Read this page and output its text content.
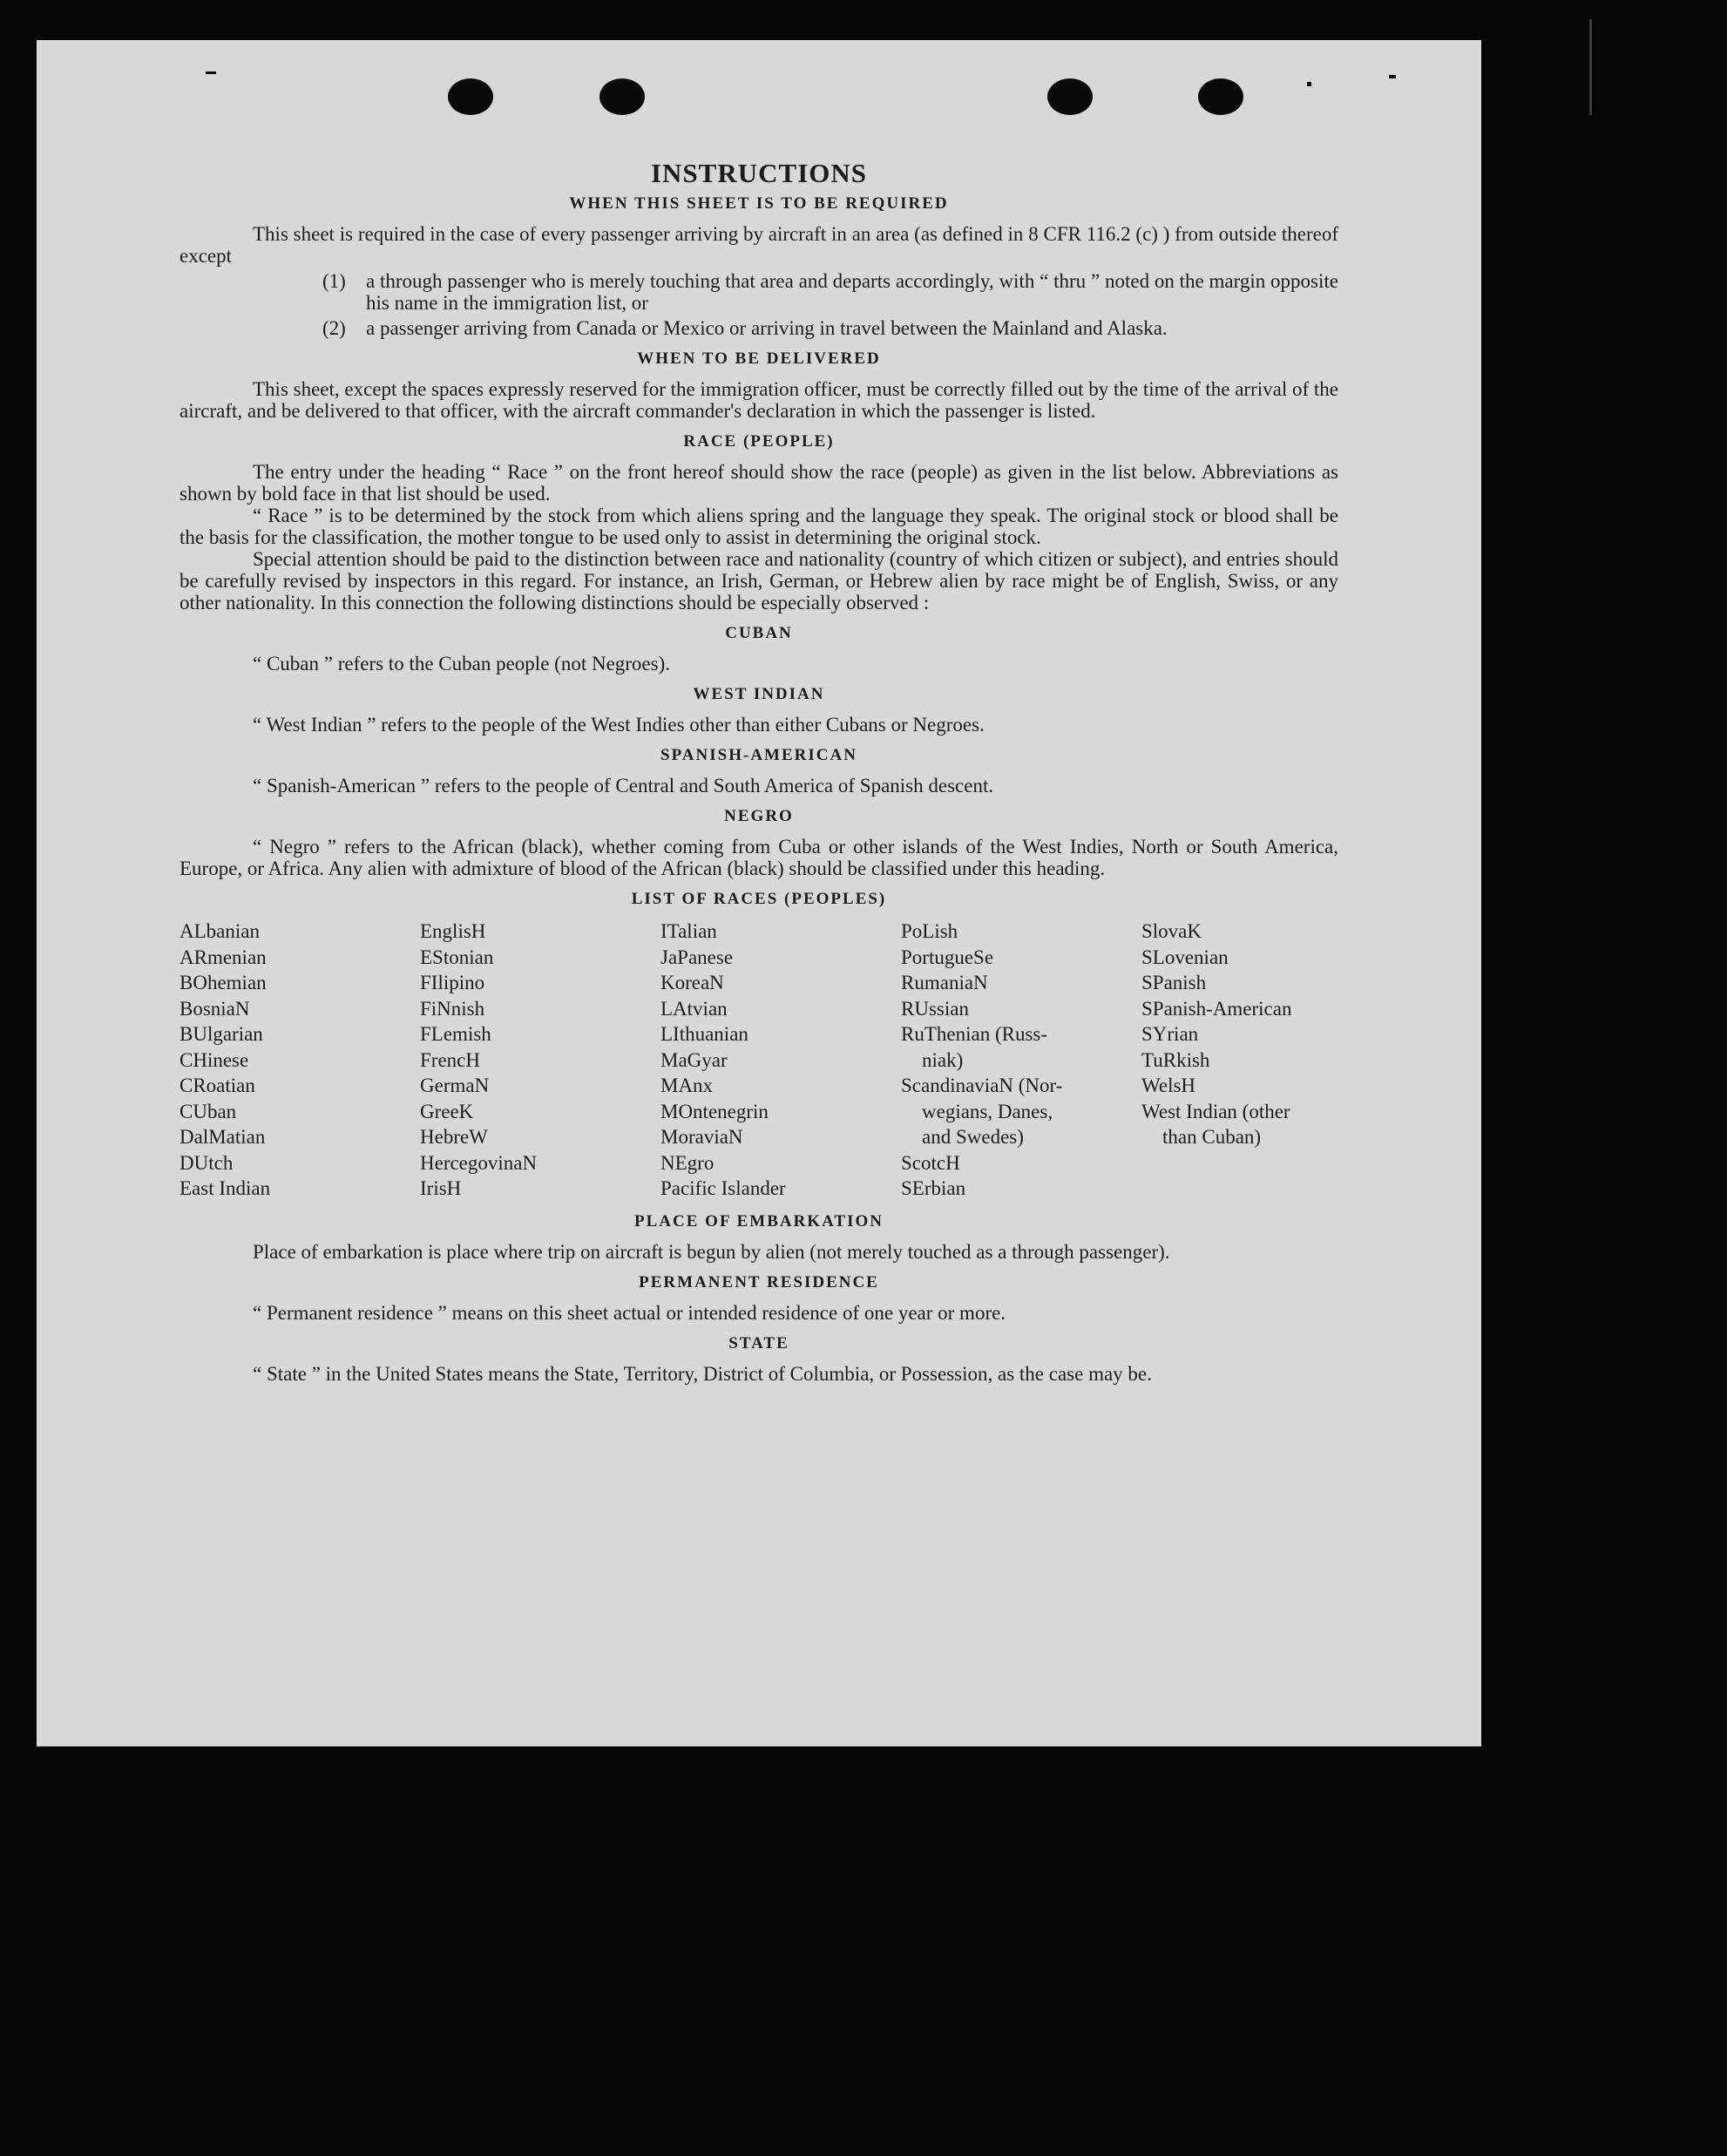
INSTRUCTIONS
WHEN THIS SHEET IS TO BE REQUIRED

This sheet is required in the case of every passenger arriving by aircraft in an area (as defined in 8 CFR 116.2 (c) ) from outside thereof except

(1)	a through passenger who is merely touching that area and departs accordingly, with “ thru ” noted on the margin opposite his name in the immigration list, or
(2)	a passenger arriving from Canada or Mexico or arriving in travel between the Mainland and Alaska.
WHEN TO BE DELIVERED

This sheet, except the spaces expressly reserved for the immigration officer, must be correctly filled out by the time of the arrival of the aircraft, and be delivered to that officer, with the aircraft commander's declaration in which the passenger is listed.

RACE (PEOPLE)

The entry under the heading “ Race ” on the front hereof should show the race (people) as given in the list below. Abbreviations as shown by bold face in that list should be used.

“ Race ” is to be determined by the stock from which aliens spring and the language they speak. The original stock or blood shall be the basis for the classification, the mother tongue to be used only to assist in determining the original stock.

Special attention should be paid to the distinction between race and nationality (country of which citizen or subject), and entries should be carefully revised by inspectors in this regard. For instance, an Irish, German, or Hebrew alien by race might be of English, Swiss, or any other nationality. In this connection the following distinctions should be especially observed :

CUBAN

“ Cuban ” refers to the Cuban people (not Negroes).

WEST INDIAN

“ West Indian ” refers to the people of the West Indies other than either Cubans or Negroes.

SPANISH-AMERICAN

“ Spanish-American ” refers to the people of Central and South America of Spanish descent.

NEGRO

“ Negro ” refers to the African (black), whether coming from Cuba or other islands of the West Indies, North or South America, Europe, or Africa. Any alien with admixture of blood of the African (black) should be classified under this heading.

LIST OF RACES (PEOPLES)
ALbanian
ARmenian
BOhemian
BosniaN
BUlgarian
CHinese
CRoatian
CUban
DalMatian
DUtch
East Indian
EnglisH
EStonian
FIlipino
FiNnish
FLemish
FrencH
GermaN
GreeK
HebreW
HercegovinaN
IrisH
ITalian
JaPanese
KoreaN
LAtvian
LIthuanian
MaGyar
MAnx
MOntenegrin
MoraviaN
NEgro
Pacific Islander
PoLish
PortugueSe
RumaniaN
RUssian
RuThenian (Russ-
niak)
ScandinaviaN (Nor-
wegians, Danes,
and Swedes)
ScotcH
SErbian
SlovaK
SLovenian
SPanish
SPanish-American
SYrian
TuRkish
WelsH
West Indian (other
than Cuban)
PLACE OF EMBARKATION

Place of embarkation is place where trip on aircraft is begun by alien (not merely touched as a through passenger).

PERMANENT RESIDENCE

“ Permanent residence ” means on this sheet actual or intended residence of one year or more.

STATE

“ State ” in the United States means the State, Territory, District of Columbia, or Possession, as the case may be.
